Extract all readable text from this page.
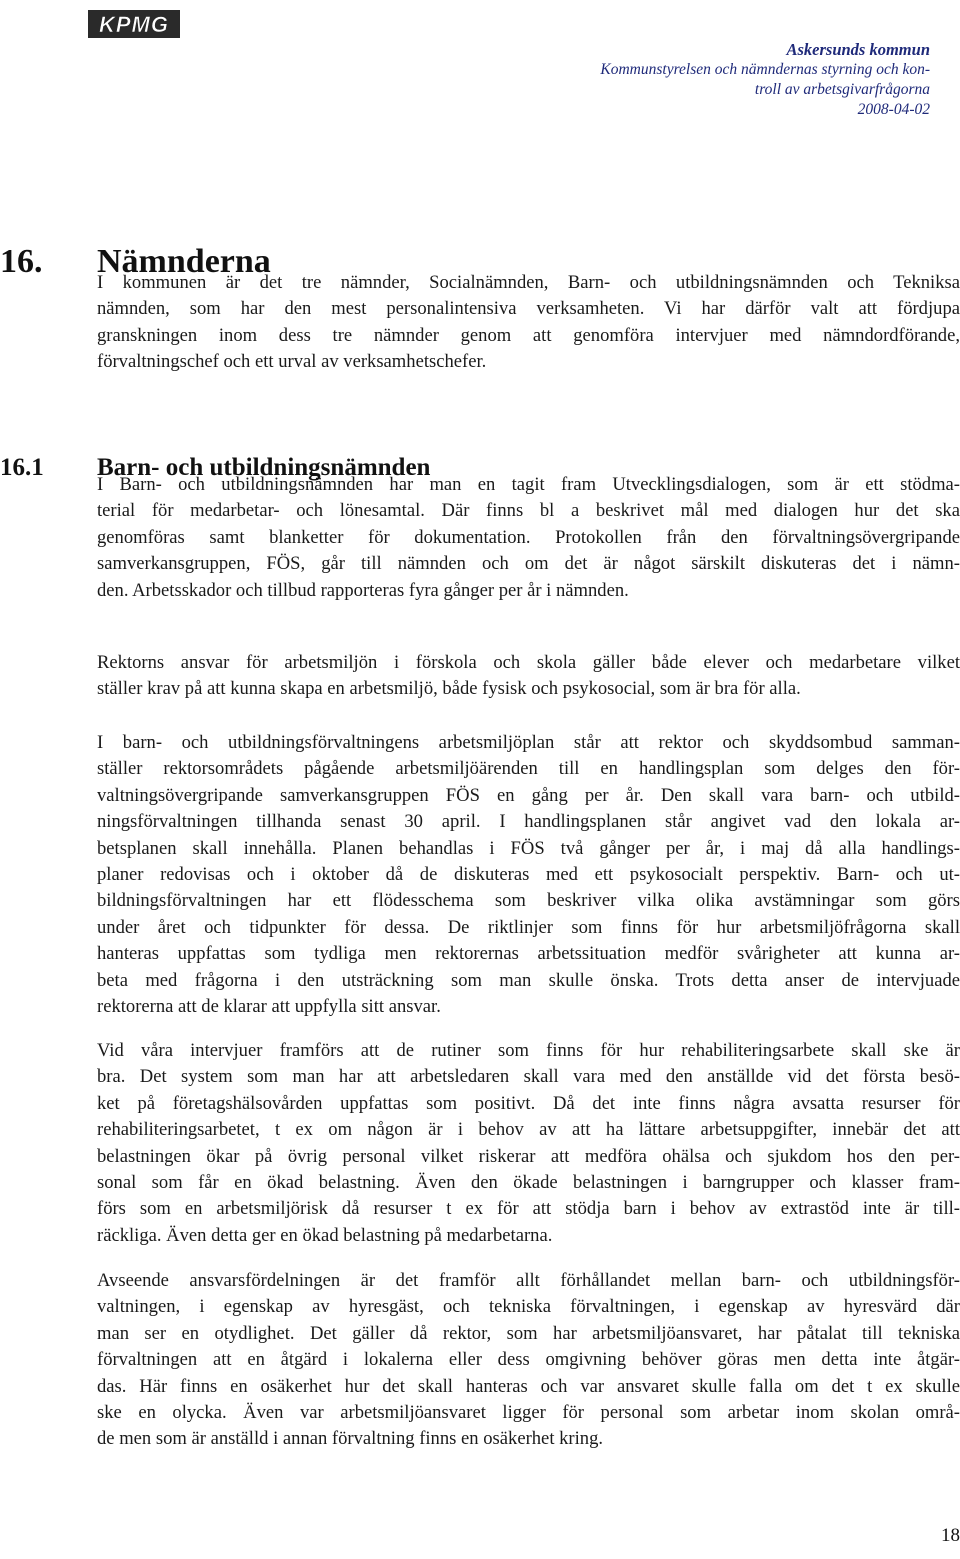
KPMG
Askersunds kommun
Kommunstyrelsen och nämndernas styrning och kon-
troll av arbetsgivarfrågorna
2008-04-02
16. Nämnderna
I kommunen är det tre nämnder, Socialnämnden, Barn- och utbildningsnämnden och Tekniksa
nämnden, som har den mest personalintensiva verksamheten. Vi har därför valt att fördjupa
granskningen inom dess tre nämnder genom att genomföra intervjuer med nämndordförande,
förvaltningschef och ett urval av verksamhetschefer.
16.1 Barn- och utbildningsnämnden
I Barn- och utbildningsnämnden har man en tagit fram Utvecklingsdialogen, som är ett stödma-
terial för medarbetar- och lönesamtal. Där finns bl a beskrivet mål med dialogen hur det ska
genomföras samt blanketter för dokumentation. Protokollen från den förvaltningsövergripande
samverkansgruppen, FÖS, går till nämnden och om det är något särskilt diskuteras det i nämn-
den. Arbetsskador och tillbud rapporteras fyra gånger per år i nämnden.
Rektorns ansvar för arbetsmiljön i förskola och skola gäller både elever och medarbetare vilket
ställer krav på att kunna skapa en arbetsmiljö, både fysisk och psykosocial, som är bra för alla.
I barn- och utbildningsförvaltningens arbetsmiljöplan står att rektor och skyddsombud samman-
ställer rektorsområdets pågående arbetsmiljöärenden till en handlingsplan som delges den för-
valtningsövergripande samverkansgruppen FÖS en gång per år. Den skall vara barn- och utbild-
ningsförvaltningen tillhanda senast 30 april. I handlingsplanen står angivet vad den lokala ar-
betsplanen skall innehålla. Planen behandlas i FÖS två gånger per år, i maj då alla handlings-
planer redovisas och i oktober då de diskuteras med ett psykosocialt perspektiv. Barn- och ut-
bildningsförvaltningen har ett flödesschema som beskriver vilka olika avstämningar som görs
under året och tidpunkter för dessa. De riktlinjer som finns för hur arbetsmiljöfrågorna skall
hanteras uppfattas som tydliga men rektorernas arbetssituation medför svårigheter att kunna ar-
beta med frågorna i den utsträckning som man skulle önska. Trots detta anser de intervjuade
rektorerna att de klarar att uppfylla sitt ansvar.
Vid våra intervjuer framförs att de rutiner som finns för hur rehabiliteringsarbete skall ske är
bra. Det system som man har att arbetsledaren skall vara med den anställde vid det första besö-
ket på företagshälsovården uppfattas som positivt. Då det inte finns några avsatta resurser för
rehabiliteringsarbetet, t ex om någon är i behov av att ha lättare arbetsuppgifter, innebär det att
belastningen ökar på övrig personal vilket riskerar att medföra ohälsa och sjukdom hos den per-
sonal som får en ökad belastning. Även den ökade belastningen i barngrupper och klasser fram-
förs som en arbetsmiljörisk då resurser t ex för att stödja barn i behov av extrastöd inte är till-
räckliga. Även detta ger en ökad belastning på medarbetarna.
Avseende ansvarsfördelningen är det framför allt förhållandet mellan barn- och utbildningsför-
valtningen, i egenskap av hyresgäst, och tekniska förvaltningen, i egenskap av hyresvärd där
man ser en otydlighet. Det gäller då rektor, som har arbetsmiljöansvaret, har påtalat till tekniska
förvaltningen att en åtgärd i lokalerna eller dess omgivning behöver göras men detta inte åtgär-
das. Här finns en osäkerhet hur det skall hanteras och var ansvaret skulle falla om det t ex skulle
ske en olycka. Även var arbetsmiljöansvaret ligger för personal som arbetar inom skolan områ-
de men som är anställd i annan förvaltning finns en osäkerhet kring.
18
